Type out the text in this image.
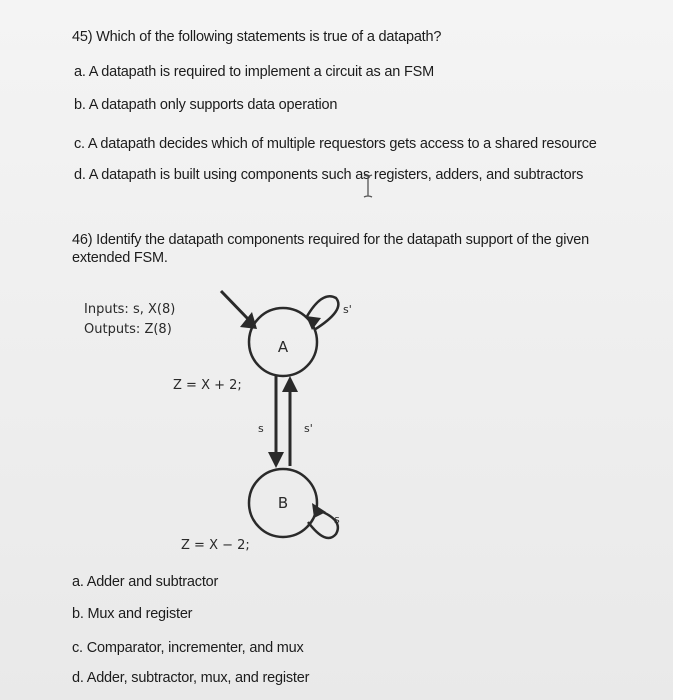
45) Which of the following statements is true of a datapath?
a. A datapath is required to implement a circuit as an FSM
b. A datapath only supports data operation
c. A datapath decides which of multiple requestors gets access to a shared resource
d. A datapath is built using components such as registers, adders, and subtractors
46) Identify the datapath components required for the datapath support of the given extended FSM.
Inputs: s, X(8)
Outputs: Z(8)
A
s'
Z = X + 2;
s	s'
B
s
Z = X − 2;
a. Adder and subtractor
b. Mux and register
c. Comparator, incrementer, and mux
d. Adder, subtractor, mux, and register
